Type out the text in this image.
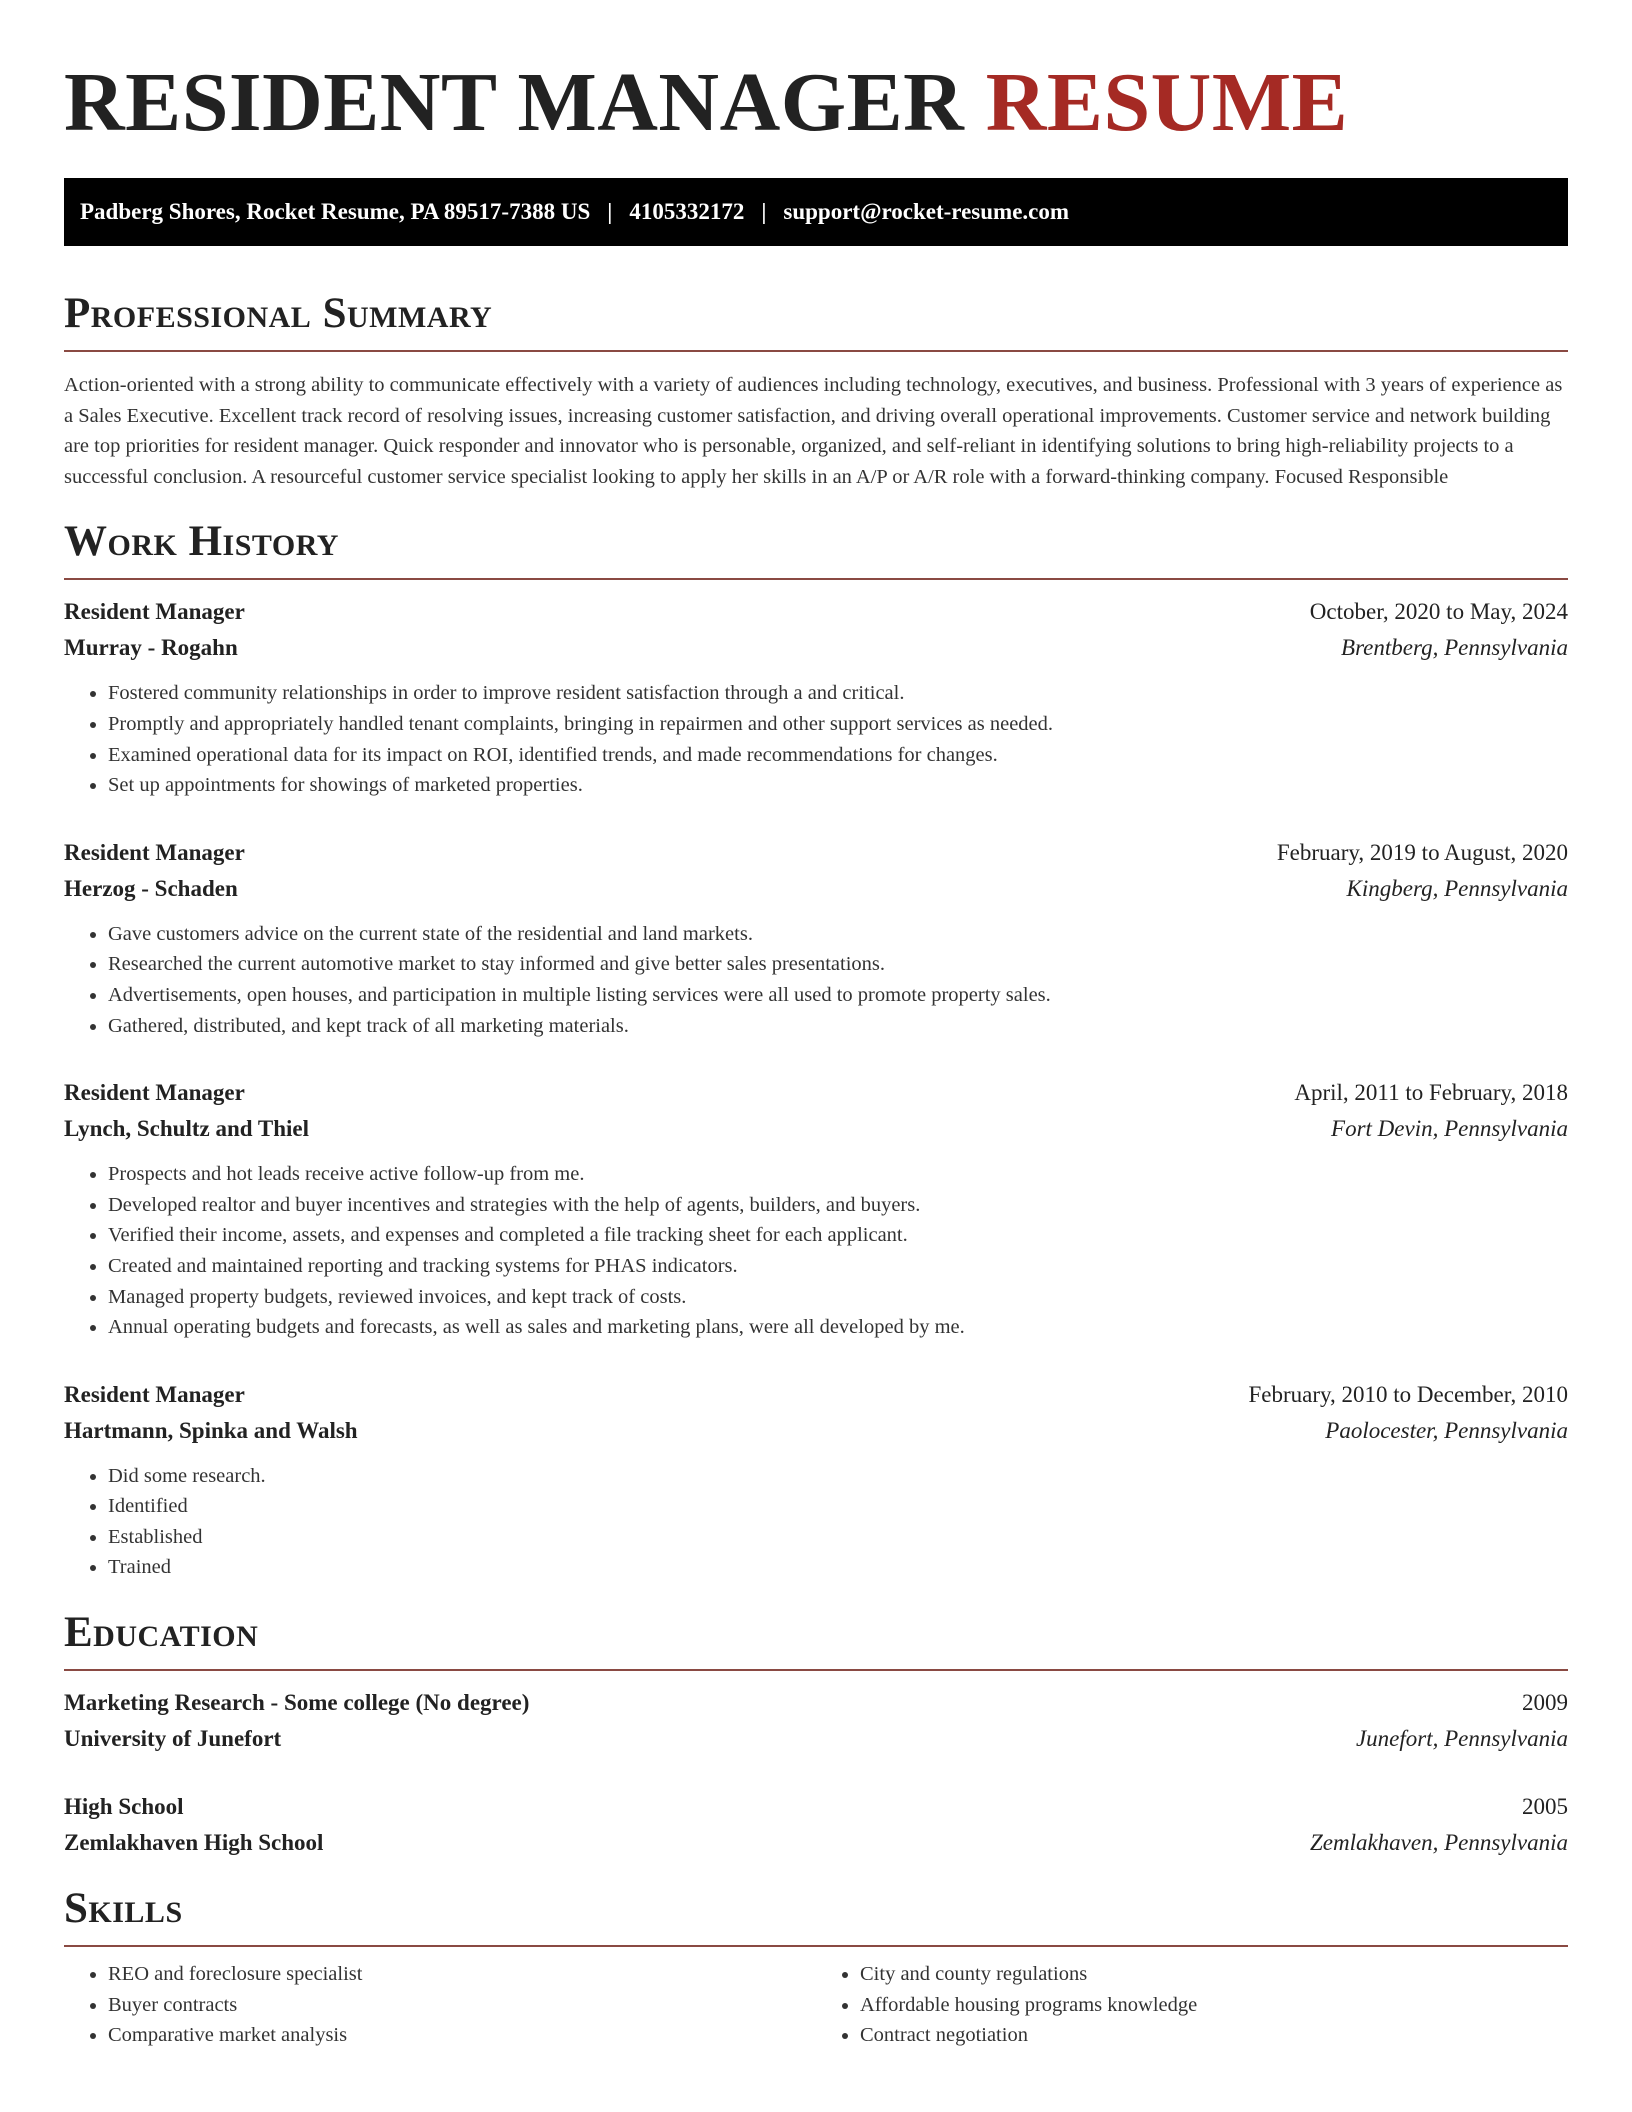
RESIDENT MANAGER RESUME
Padberg Shores, Rocket Resume, PA 89517-7388 US | 4105332172 | support@rocket-resume.com
Professional Summary
Action-oriented with a strong ability to communicate effectively with a variety of audiences including technology, executives, and business. Professional with 3 years of experience as a Sales Executive. Excellent track record of resolving issues, increasing customer satisfaction, and driving overall operational improvements. Customer service and network building are top priorities for resident manager. Quick responder and innovator who is personable, organized, and self-reliant in identifying solutions to bring high-reliability projects to a successful conclusion. A resourceful customer service specialist looking to apply her skills in an A/P or A/R role with a forward-thinking company. Focused Responsible
Work History
Resident Manager	October, 2020 to May, 2024
Murray - Rogahn	Brentberg, Pennsylvania
• Fostered community relationships in order to improve resident satisfaction through a and critical.
• Promptly and appropriately handled tenant complaints, bringing in repairmen and other support services as needed.
• Examined operational data for its impact on ROI, identified trends, and made recommendations for changes.
• Set up appointments for showings of marketed properties.
Resident Manager	February, 2019 to August, 2020
Herzog - Schaden	Kingberg, Pennsylvania
• Gave customers advice on the current state of the residential and land markets.
• Researched the current automotive market to stay informed and give better sales presentations.
• Advertisements, open houses, and participation in multiple listing services were all used to promote property sales.
• Gathered, distributed, and kept track of all marketing materials.
Resident Manager	April, 2011 to February, 2018
Lynch, Schultz and Thiel	Fort Devin, Pennsylvania
• Prospects and hot leads receive active follow-up from me.
• Developed realtor and buyer incentives and strategies with the help of agents, builders, and buyers.
• Verified their income, assets, and expenses and completed a file tracking sheet for each applicant.
• Created and maintained reporting and tracking systems for PHAS indicators.
• Managed property budgets, reviewed invoices, and kept track of costs.
• Annual operating budgets and forecasts, as well as sales and marketing plans, were all developed by me.
Resident Manager	February, 2010 to December, 2010
Hartmann, Spinka and Walsh	Paolocester, Pennsylvania
• Did some research.
• Identified
• Established
• Trained
Education
Marketing Research - Some college (No degree)	2009
University of Junefort	Junefort, Pennsylvania
High School	2005
Zemlakhaven High School	Zemlakhaven, Pennsylvania
Skills
• REO and foreclosure specialist
• Buyer contracts
• Comparative market analysis
• City and county regulations
• Affordable housing programs knowledge
• Contract negotiation
